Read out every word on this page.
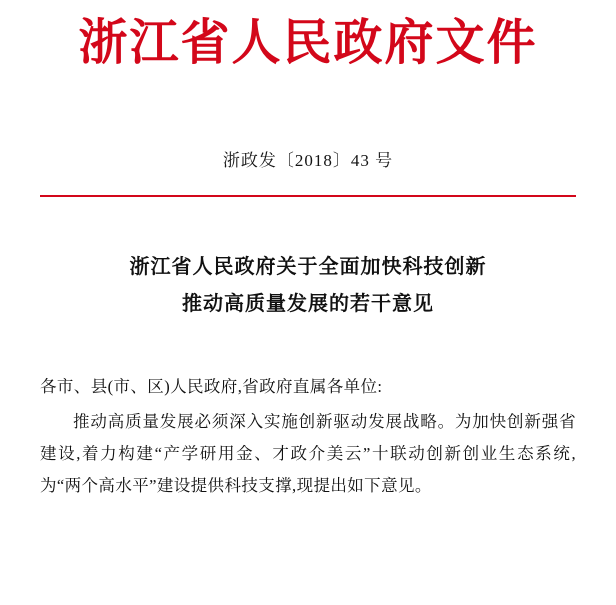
浙江省人民政府文件
浙政发〔2018〕43 号
浙江省人民政府关于全面加快科技创新
推动高质量发展的若干意见

各市、县(市、区)人民政府,省政府直属各单位:

推动高质量发展必须深入实施创新驱动发展战略。为加快创新强省建设,着力构建“产学研用金、才政介美云”十联动创新创业生态系统,为“两个高水平”建设提供科技支撑,现提出如下意见。
